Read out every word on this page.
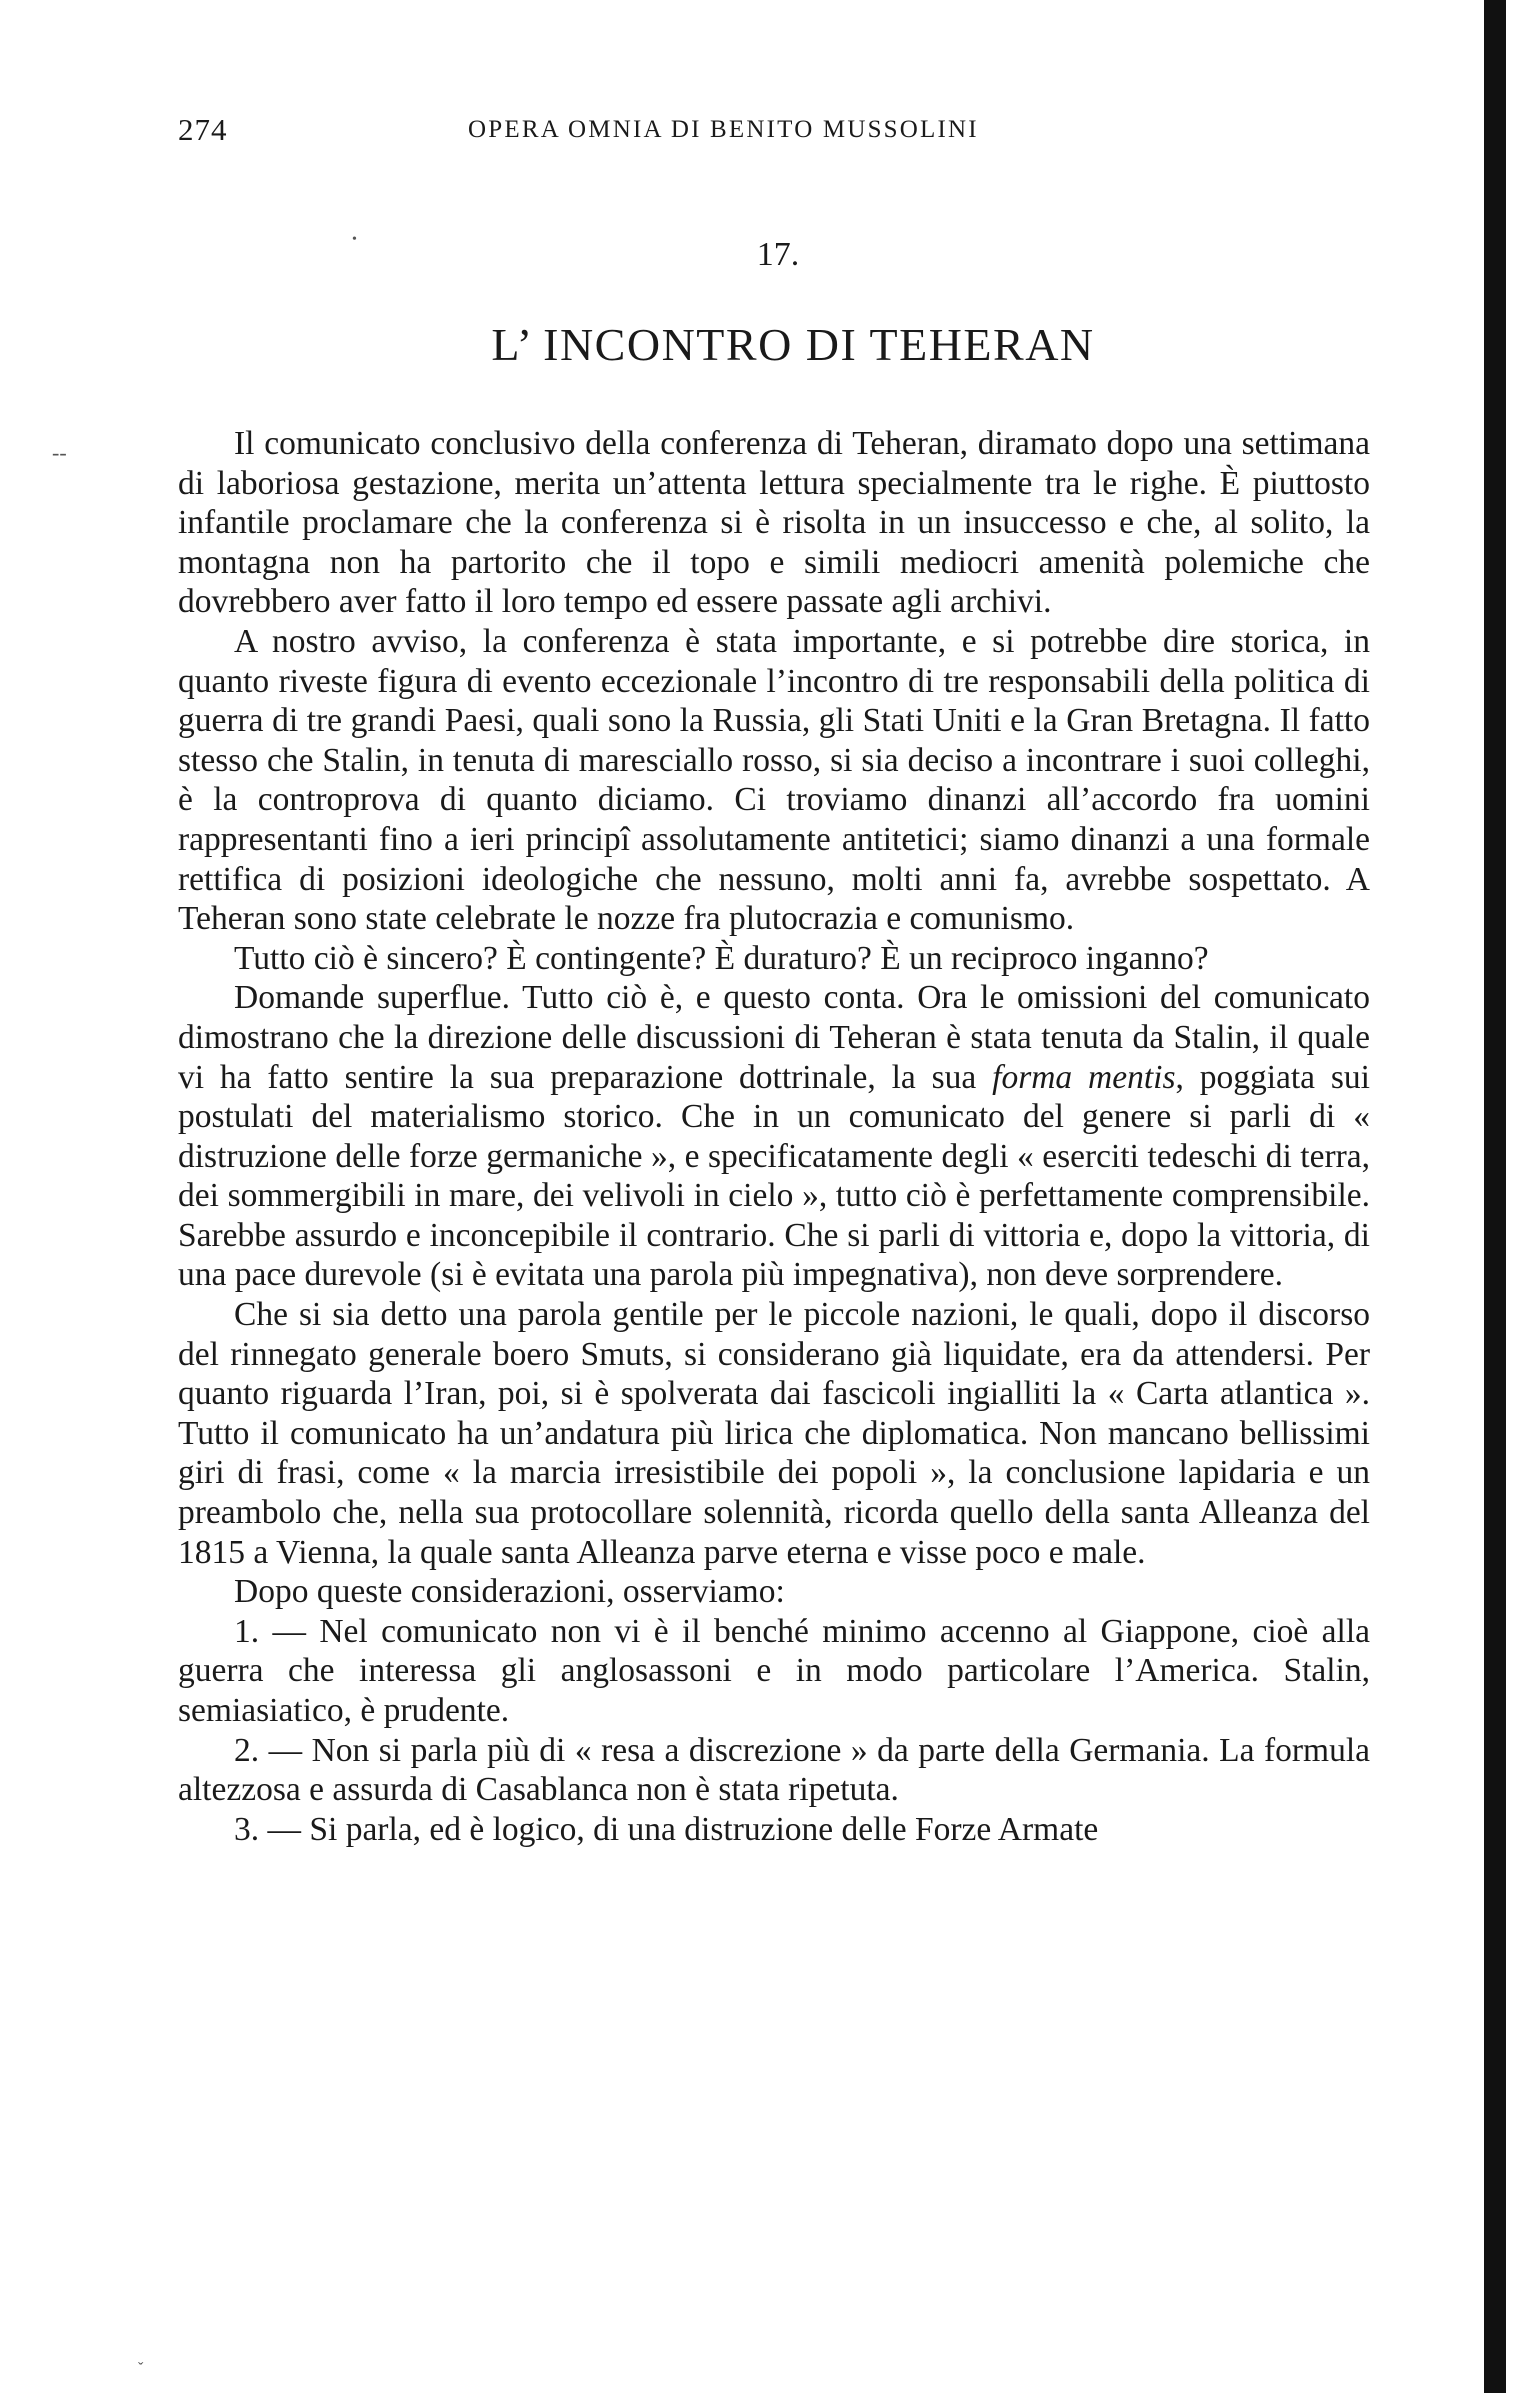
274	OPERA OMNIA DI BENITO MUSSOLINI
17.
L’ INCONTRO DI TEHERAN

Il comunicato conclusivo della conferenza di Teheran, diramato dopo una settimana di laboriosa gestazione, merita un’attenta lettura specialmente tra le righe. È piuttosto infantile proclamare che la conferenza si è risolta in un insuccesso e che, al solito, la montagna non ha partorito che il topo e simili mediocri amenità polemiche che dovrebbero aver fatto il loro tempo ed essere passate agli archivi.

A nostro avviso, la conferenza è stata importante, e si potrebbe dire storica, in quanto riveste figura di evento eccezionale l’incontro di tre responsabili della politica di guerra di tre grandi Paesi, quali sono la Russia, gli Stati Uniti e la Gran Bretagna. Il fatto stesso che Stalin, in tenuta di maresciallo rosso, si sia deciso a incontrare i suoi colleghi, è la controprova di quanto diciamo. Ci troviamo dinanzi all’accordo fra uomini rappresentanti fino a ieri principî assolutamente antitetici; siamo dinanzi a una formale rettifica di posizioni ideologiche che nessuno, molti anni fa, avrebbe sospettato. A Teheran sono state celebrate le nozze fra plutocrazia e comunismo.

Tutto ciò è sincero? È contingente? È duraturo? È un reciproco inganno?

Domande superflue. Tutto ciò è, e questo conta. Ora le omissioni del comunicato dimostrano che la direzione delle discussioni di Teheran è stata tenuta da Stalin, il quale vi ha fatto sentire la sua preparazione dottrinale, la sua forma mentis, poggiata sui postulati del materialismo storico. Che in un comunicato del genere si parli di « distruzione delle forze germaniche », e specificatamente degli « eserciti tedeschi di terra, dei sommergibili in mare, dei velivoli in cielo », tutto ciò è perfettamente comprensibile. Sarebbe assurdo e inconcepibile il contrario. Che si parli di vittoria e, dopo la vittoria, di una pace durevole (si è evitata una parola più impegnativa), non deve sorprendere.

Che si sia detto una parola gentile per le piccole nazioni, le quali, dopo il discorso del rinnegato generale boero Smuts, si considerano già liquidate, era da attendersi. Per quanto riguarda l’Iran, poi, si è spolverata dai fascicoli ingialliti la « Carta atlantica ». Tutto il comunicato ha un’andatura più lirica che diplomatica. Non mancano bellissimi giri di frasi, come « la marcia irresistibile dei popoli », la conclusione lapidaria e un preambolo che, nella sua protocollare solennità, ricorda quello della santa Alleanza del 1815 a Vienna, la quale santa Alleanza parve eterna e visse poco e male.

Dopo queste considerazioni, osserviamo:

1. — Nel comunicato non vi è il benché minimo accenno al Giappone, cioè alla guerra che interessa gli anglosassoni e in modo particolare l’America. Stalin, semiasiatico, è prudente.

2. — Non si parla più di « resa a discrezione » da parte della Germania. La formula altezzosa e assurda di Casablanca non è stata ripetuta.

3. — Si parla, ed è logico, di una distruzione delle Forze Armate

--
•
ˇ
